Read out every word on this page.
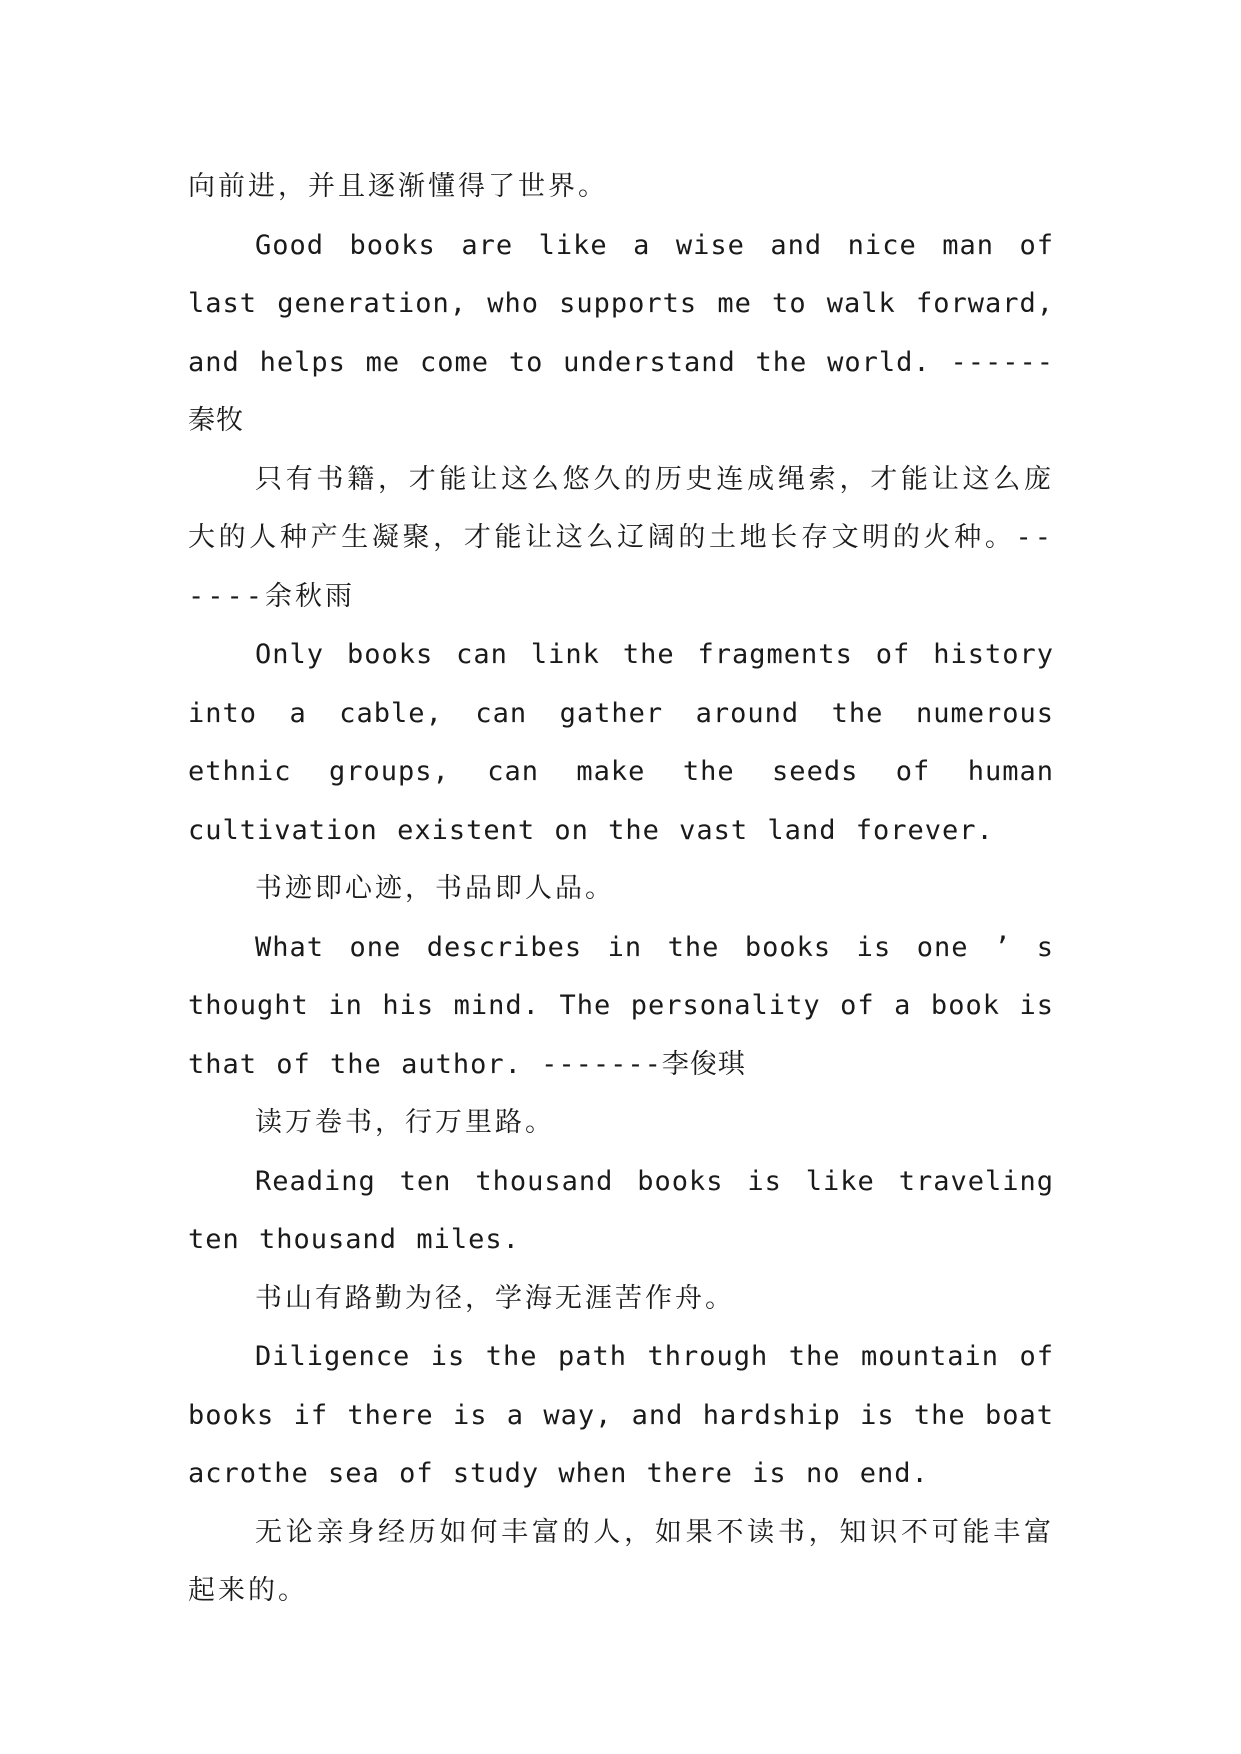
向前进，并且逐渐懂得了世界。

Good books are like a wise and nice man of last generation, who supports me to walk forward, and helps me come to understand the world. ------秦牧

只有书籍，才能让这么悠久的历史连成绳索，才能让这么庞大的人种产生凝聚，才能让这么辽阔的土地长存文明的火种。------余秋雨

Only books can link the fragments of history into a cable, can gather around the numerous ethnic groups, can make the seeds of human cultivation existent on the vast land forever.

书迹即心迹，书品即人品。

What one describes in the books is one ’ s thought in his mind. The personality of a book is that of the author. -------李俊琪

读万卷书，行万里路。

Reading ten thousand books is like traveling ten thousand miles.

书山有路勤为径，学海无涯苦作舟。

Diligence is the path through the mountain of books if there is a way, and hardship is the boat acrothe sea of study when there is no end.

无论亲身经历如何丰富的人，如果不读书，知识不可能丰富起来的。
